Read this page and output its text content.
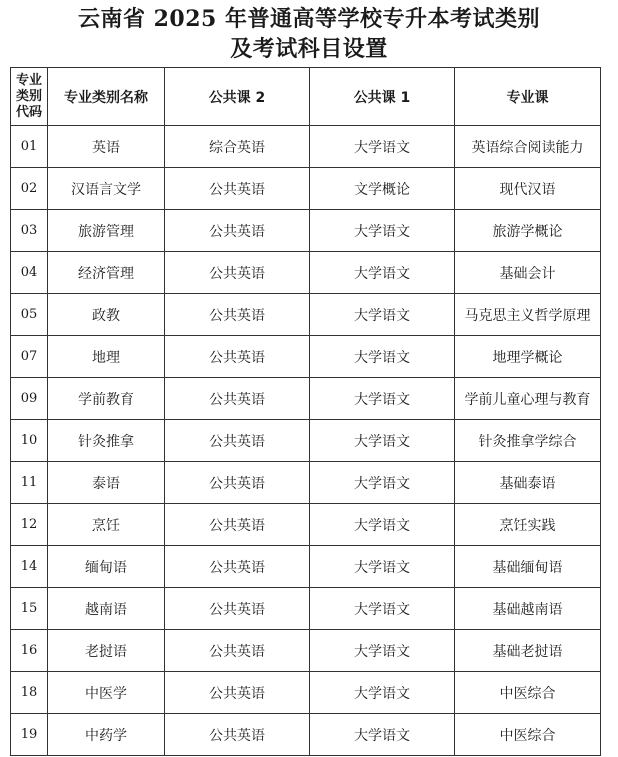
云南省 2025 年普通高等学校专升本考试类别
及考试科目设置
专业
类别
代码	专业类别名称	公共课 2	公共课 1	专业课
01	英语	综合英语	大学语文	英语综合阅读能力
02	汉语言文学	公共英语	文学概论	现代汉语
03	旅游管理	公共英语	大学语文	旅游学概论
04	经济管理	公共英语	大学语文	基础会计
05	政教	公共英语	大学语文	马克思主义哲学原理
07	地理	公共英语	大学语文	地理学概论
09	学前教育	公共英语	大学语文	学前儿童心理与教育
10	针灸推拿	公共英语	大学语文	针灸推拿学综合
11	泰语	公共英语	大学语文	基础泰语
12	烹饪	公共英语	大学语文	烹饪实践
14	缅甸语	公共英语	大学语文	基础缅甸语
15	越南语	公共英语	大学语文	基础越南语
16	老挝语	公共英语	大学语文	基础老挝语
18	中医学	公共英语	大学语文	中医综合
19	中药学	公共英语	大学语文	中医综合
